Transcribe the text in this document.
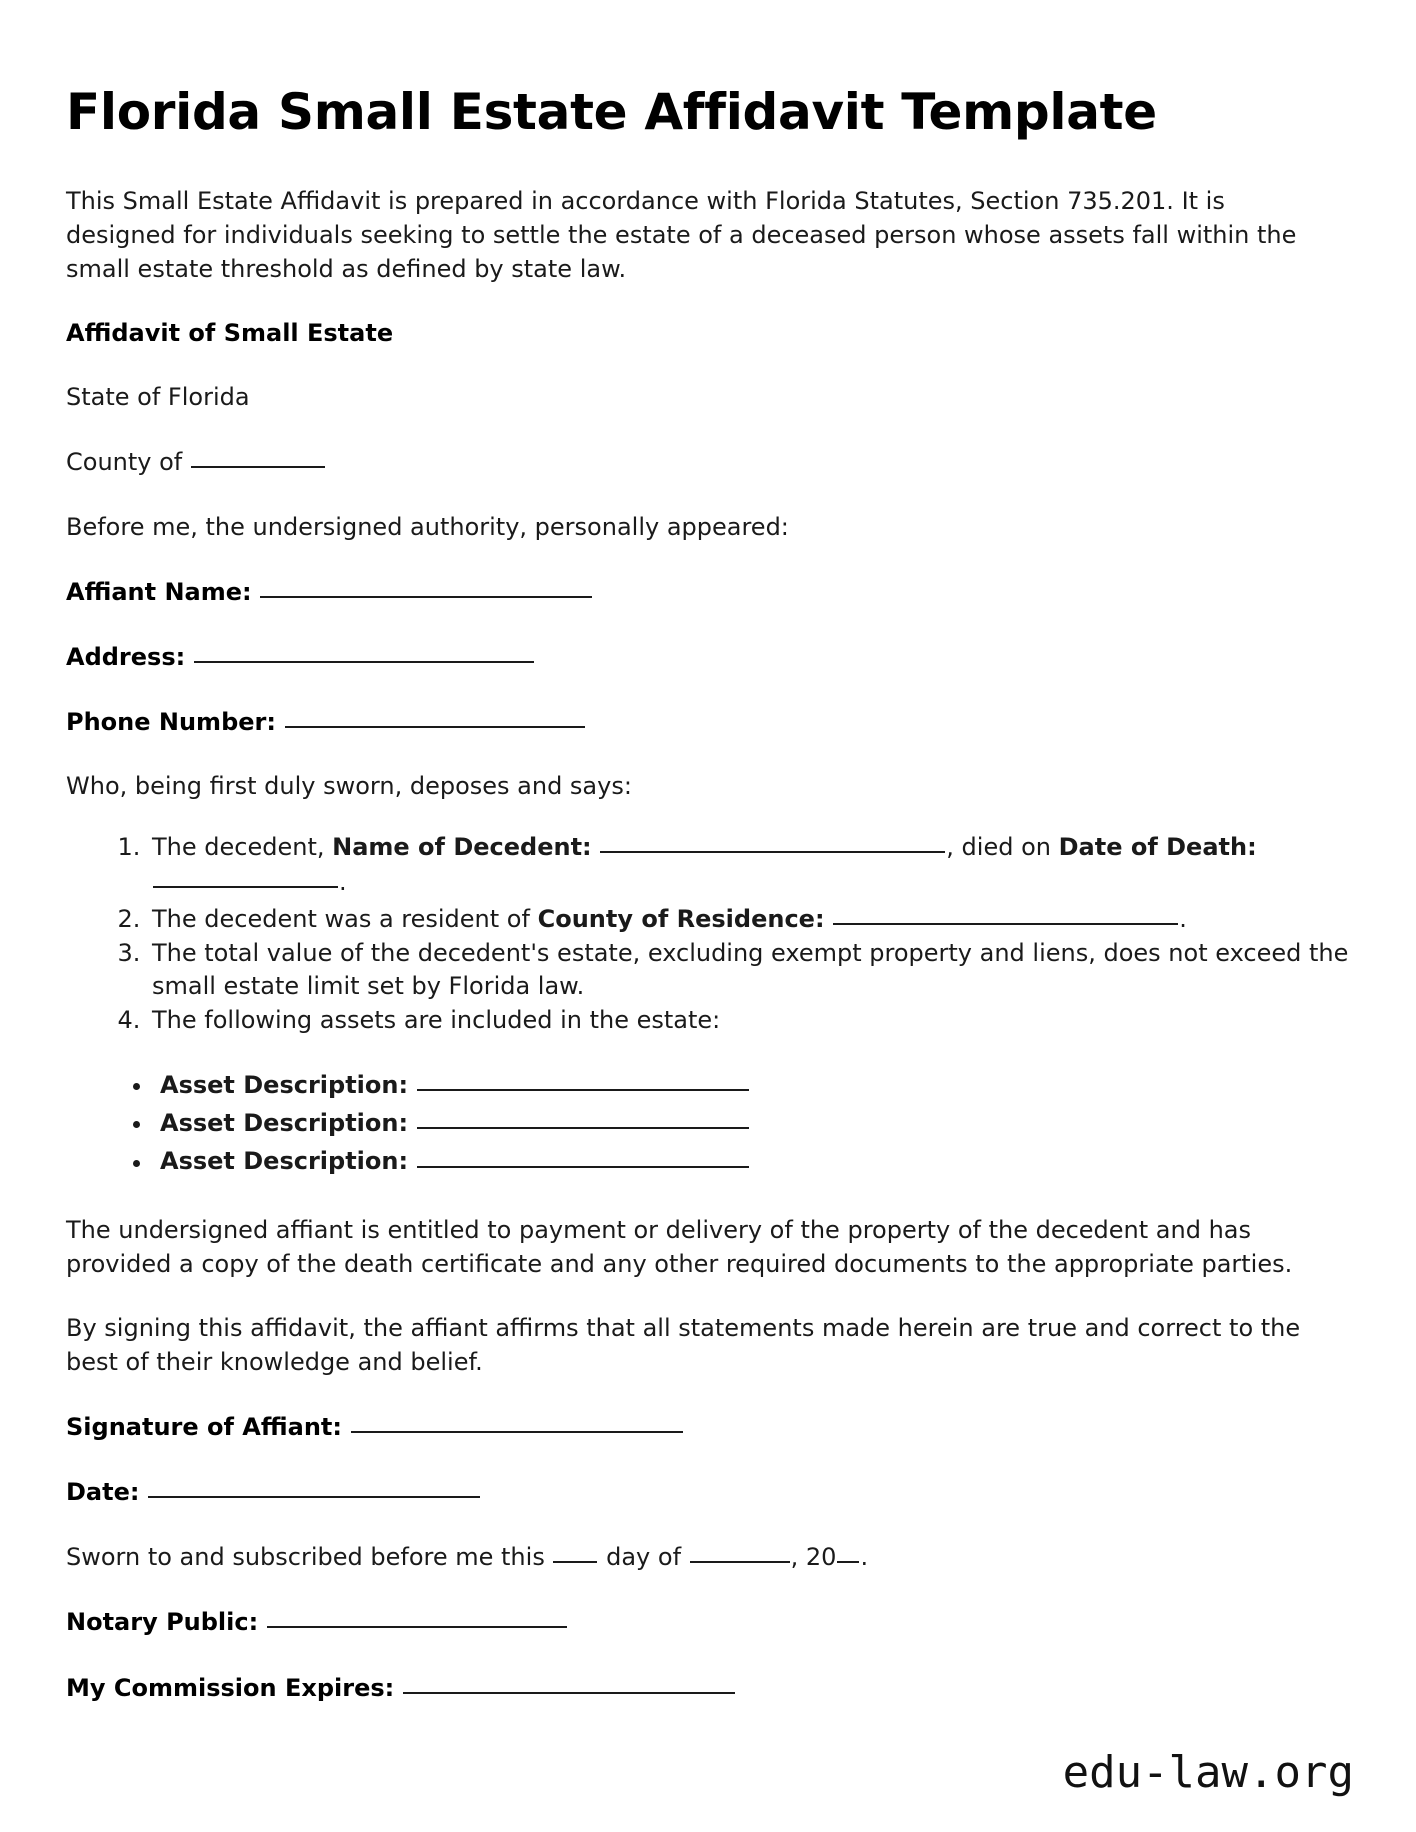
Florida Small Estate Affidavit Template

This Small Estate Affidavit is prepared in accordance with Florida Statutes, Section 735.201. It is designed for individuals seeking to settle the estate of a deceased person whose assets fall within the small estate threshold as defined by state law.

Affidavit of Small Estate

State of Florida

County of

Before me, the undersigned authority, personally appeared:

Affiant Name:

Address:

Phone Number:

Who, being first duly sworn, deposes and says:

1. The decedent, Name of Decedent:	, died on Date of Death: .
2. The decedent was a resident of County of Residence:	.
3. The total value of the decedent's estate, excluding exempt property and liens, does not exceed the small estate limit set by Florida law.
4. The following assets are included in the estate:
• Asset Description:
• Asset Description:
• Asset Description:

The undersigned affiant is entitled to payment or delivery of the property of the decedent and has provided a copy of the death certificate and any other required documents to the appropriate parties.

By signing this affidavit, the affiant affirms that all statements made herein are true and correct to the best of their knowledge and belief.

Signature of Affiant:

Date:

Sworn to and subscribed before me this	day of	, 20 .

Notary Public:

My Commission Expires:

edu-law.org
